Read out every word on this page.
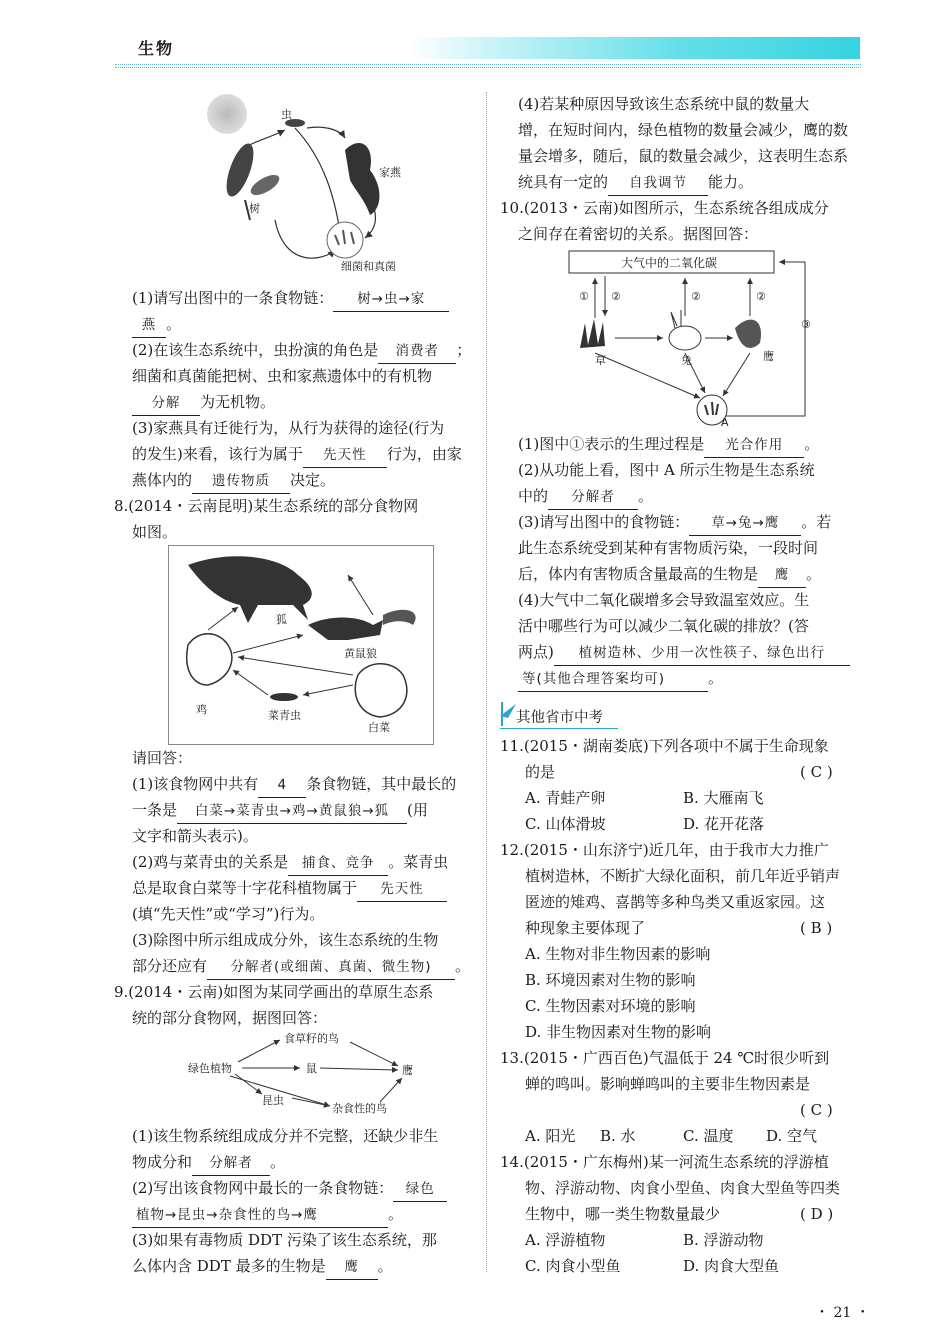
生物
虫
家燕
树
细菌和真菌
(1)请写出图中的一条食物链： 树→虫→家
燕 。
(2)在该生态系统中，虫扮演的角色是 消费者 ；
细菌和真菌能把树、虫和家燕遗体中的有机物
分解 为无机物。
(3)家燕具有迁徙行为，从行为获得的途径(行为
的发生)来看，该行为属于 先天性 行为，由家
燕体内的 遗传物质 决定。
8.(2014・云南昆明)某生态系统的部分食物网
如图。
狐
黄鼠狼
鸡	菜青虫
白菜
请回答：
(1)该食物网中共有 4 条食物链，其中最长的
一条是 白菜→菜青虫→鸡→黄鼠狼→狐 (用
文字和箭头表示)。
(2)鸡与菜青虫的关系是 捕食、竞争 。菜青虫
总是取食白菜等十字花科植物属于 先天性
(填“先天性”或“学习”)行为。
(3)除图中所示组成成分外，该生态系统的生物
部分还应有 分解者(或细菌、真菌、微生物) 。
9.(2014・云南)如图为某同学画出的草原生态系
统的部分食物网，据图回答：
食草籽的鸟
绿色植物	鼠	鹰
昆虫
杂食性的鸟
(1)该生物系统组成成分并不完整，还缺少非生
物成分和 分解者 。
(2)写出该食物网中最长的一条食物链： 绿色
植物→昆虫→杂食性的鸟→鹰	。
(3)如果有毒物质 DDT 污染了该生态系统，那
么体内含 DDT 最多的生物是 鹰 。
(4)若某种原因导致该生态系统中鼠的数量大
增，在短时间内，绿色植物的数量会减少，鹰的数
量会增多，随后，鼠的数量会减少，这表明生态系
统具有一定的 自我调节 能力。
10.(2013・云南)如图所示，生态系统各组成成分
之间存在着密切的关系。据图回答：
大气中的二氧化碳
① ②	②	②
③
草	兔	鹰
A
(1)图中①表示的生理过程是 光合作用 。
(2)从功能上看，图中 A 所示生物是生态系统
中的 分解者 。
(3)请写出图中的食物链： 草→兔→鹰 。若
此生态系统受到某种有害物质污染，一段时间
后，体内有害物质含量最高的生物是 鹰 。
(4)大气中二氧化碳增多会导致温室效应。生
活中哪些行为可以减少二氧化碳的排放？(答
两点) 植树造林、少用一次性筷子、绿色出行
等(其他合理答案均可)	。
其他省市中考
11.(2015・湖南娄底)下列各项中不属于生命现象
的是	( C )
A. 青蛙产卵	B. 大雁南飞
C. 山体滑坡	D. 花开花落
12.(2015・山东济宁)近几年，由于我市大力推广
植树造林，不断扩大绿化面积，前几年近乎销声
匿迹的雉鸡、喜鹊等多种鸟类又重返家园。这
种现象主要体现了	( B )
A. 生物对非生物因素的影响
B. 环境因素对生物的影响
C. 生物因素对环境的影响
D. 非生物因素对生物的影响
13.(2015・广西百色)气温低于 24 ℃时很少听到
蝉的鸣叫。影响蝉鸣叫的主要非生物因素是
( C )
A. 阳光 B. 水	C. 温度 D. 空气
14.(2015・广东梅州)某一河流生态系统的浮游植
物、浮游动物、肉食小型鱼、肉食大型鱼等四类
生物中，哪一类生物数量最少	( D )
A. 浮游植物	B. 浮游动物
C. 肉食小型鱼	D. 肉食大型鱼
・ 21 ・
